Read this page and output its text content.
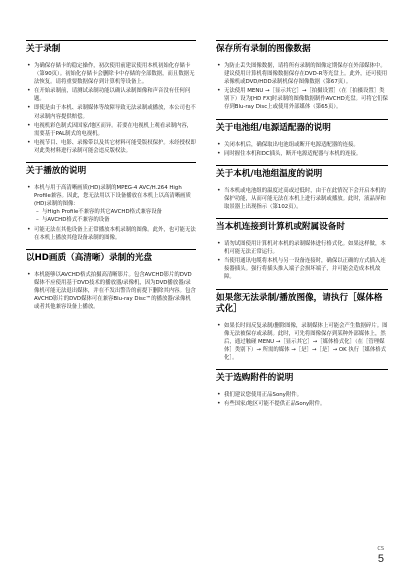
关于录制
• 为确保存储卡的稳定操作，初次使用前建议使用本机初始化存储卡（第90页）。初始化存储卡会删除卡中存储的全部数据，而且数据无法恢复。请将重要数据保存到计算机等设备上。
• 在开始录制前，请测试录制功能以确认录制图像和声音没有任何问题。
• 即使是由于本机、录制媒体等故障导致无法录制或播放，本公司也不对录制内容提供赔偿。
• 电视机彩色制式因国家/地区而异。若要在电视机上观看录制内容，需要基于PAL制式的电视机。
• 电视节目、电影、录像带以及其它材料可能受版权保护。未经授权即对此类材料进行录制可能会违反版权法。
关于播放的说明
• 本机与用于高清晰画质(HD)录制的MPEG-4 AVC/H.264 High Profile兼容。因此，您无法用以下设备播放在本机上以高清晰画质(HD)录制的图像：
– 与High Profile不兼容的其它AVCHD格式兼容设备
– 与AVCHD格式不兼容的设备
• 可能无法在其他设备上正常播放本机录制的图像。此外，也可能无法在本机上播放其他设备录制的图像。
以HD画质（高清晰）录制的光盘
• 本机能够以AVCHD格式拍摄高清晰影片。包含AVCHD影片的DVD媒体不应使用基于DVD技术的播放器/录像机，因为DVD播放器/录像机可能无法退出媒体，并在不发出警告的前提下删除其内容。包含AVCHD影片的DVD媒体可在兼容Blu-ray Disc™的播放器/录像机或者其他兼容设备上播放。
保存所有录制的图像数据
• 为防止丢失图像数据，请将所有录制的图像定期保存在外部媒体中。建议使用计算机将图像数据保存在DVD-R等光盘上。此外，还可使用录像机或DVD/HDD录制机保存图像数据（第67页）。
• 无法使用 MENU →［显示其它］→［拍摄设置］（在［拍摄设置］类别下）设为[HD FX]时录制的图像数据制作AVCHD光盘。可将它们保存到Blu-ray Disc上或使用外部媒体（第65页）。
关于电池组/电源适配器的说明
• 关闭本机后，确保取出电池组或断开电源适配器的连接。
• 同时握住本机和DC插头，断开电源适配器与本机的连接。
关于本机/电池组温度的说明
• 当本机或电池组的温度过高或过低时，由于在此情况下会开启本机的保护功能，从而可能无法在本机上进行录制或播放。此时，液晶屏和取景器上出现指示（第102页）。
当本机连接到计算机或附属设备时
• 请勿试图使用计算机对本机的录制媒体进行格式化。如果这样做，本机可能无法正常运行。
• 当使用通讯电缆将本机与另一设备连接时，确保以正确的方式插入连接器插头。强行将插头推入端子会损坏端子，并可能会造成本机故障。
如果您无法录制/播放图像，请执行［媒体格式化］
• 如果长时间反复录制/删除图像，录制媒体上可能会产生数据碎片。图像无法被保存或录制。此时，可先将图像保存到某种外部媒体上，然后，通过触碰 MENU →［显示其它］→［媒体格式化］（在［管理媒体］类别下）→ 所需的媒体 →［是］→［是］→ OK 执行［媒体格式化］。
关于选购附件的说明
• 我们建议您使用正品Sony附件。
• 有些国家/地区可能不提供正品Sony附件。
CS
5
